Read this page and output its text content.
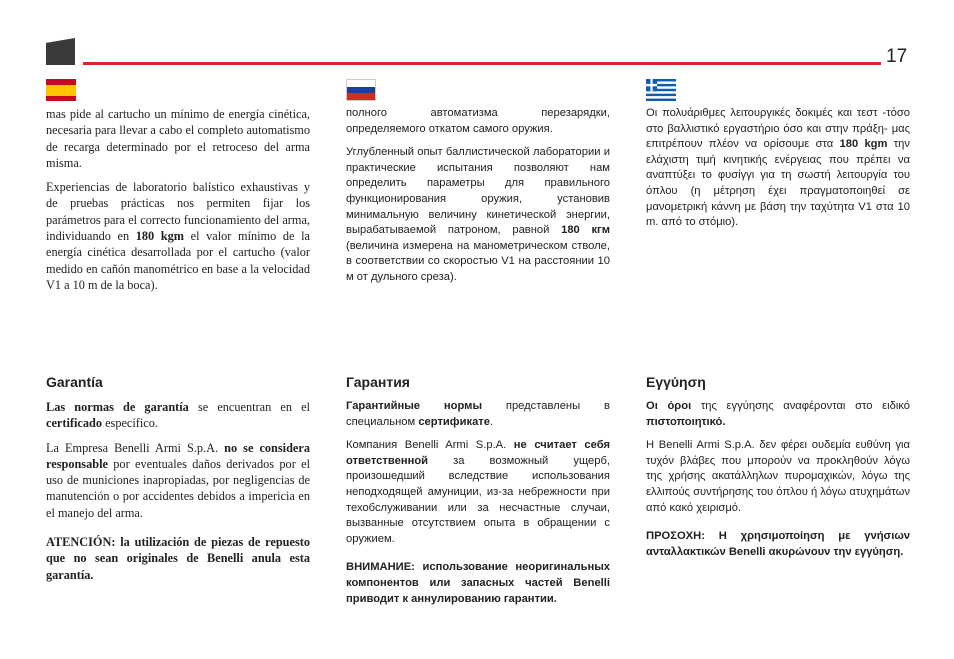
17

mas pide al cartucho un mínimo de energía cinética, necesaria para llevar a cabo el completo automatismo de recarga determinado por el retroceso del arma misma.

Experiencias de laboratorio balístico exhaustivas y de pruebas prácticas nos permiten fijar los parámetros para el correcto funcionamiento del arma, individuando en 180 kgm el valor mínimo de la energía cinética desarrollada por el cartucho (valor medido en cañón manométrico en base a la velocidad V1 a 10 m de la boca).

Garantía

Las normas de garantía se encuentran en el certificado específico.

La Empresa Benelli Armi S.p.A. no se considera responsable por eventuales daños derivados por el uso de municiones inapropiadas, por negligencias de manutención o por accidentes debidos a impericia en el manejo del arma.

ATENCIÓN: la utilización de piezas de repuesto que no sean originales de Benelli anula esta garantía.

полного автоматизма перезарядки, определяемого откатом самого оружия.

Углубленный опыт баллистической лаборатории и практические испытания позволяют нам определить параметры для правильного функционирования оружия, установив минимальную величину кинетической энергии, вырабатываемой патроном, равной 180 кгм (величина измерена на манометрическом стволе, в соответствии со скоростью V1 на расстоянии 10 м от дульного среза).

Гарантия

Гарантийные нормы представлены в специальном сертификате.

Компания Benelli Armi S.p.A. не считает себя ответственной за возможный ущерб, произошедший вследствие использования неподходящей амуниции, из-за небрежности при техобслуживании или за несчастные случаи, вызванные отсутствием опыта в обращении с оружием.

ВНИМАНИЕ: использование неоригинальных компонентов или запасных частей Benelli приводит к аннулированию гарантии.

Οι πολυάριθμες λειτουργικές δοκιμές και τεστ -τόσο στο βαλλιστικό εργαστήριο όσο και στην πράξη- μας επιτρέπουν πλέον να ορίσουμε στα 180 kgm την ελάχιστη τιμή κινητικής ενέργειας που πρέπει να αναπτύξει το φυσίγγι για τη σωστή λειτουργία του όπλου (η μέτρηση έχει πραγματοποιηθεί σε μανομετρική κάννη με βάση την ταχύτητα V1 στα 10 m. από το στόμιο).

Εγγύηση

Οι όροι της εγγύησης αναφέρονται στο ειδικό πιστοποιητικό.

Η Benelli Armi S.p.A. δεν φέρει ουδεμία ευθύνη για τυχόν βλάβες που μπορούν να προκληθούν λόγω της χρήσης ακατάλληλων πυρομαχικών, λόγω της ελλιπούς συντήρησης του όπλου ή λόγω ατυχημάτων από κακό χειρισμό.

ΠΡΟΣΟΧΗ: Η χρησιμοποίηση με γνήσιων ανταλλακτικών Benelli ακυρώνουν την εγγύηση.
